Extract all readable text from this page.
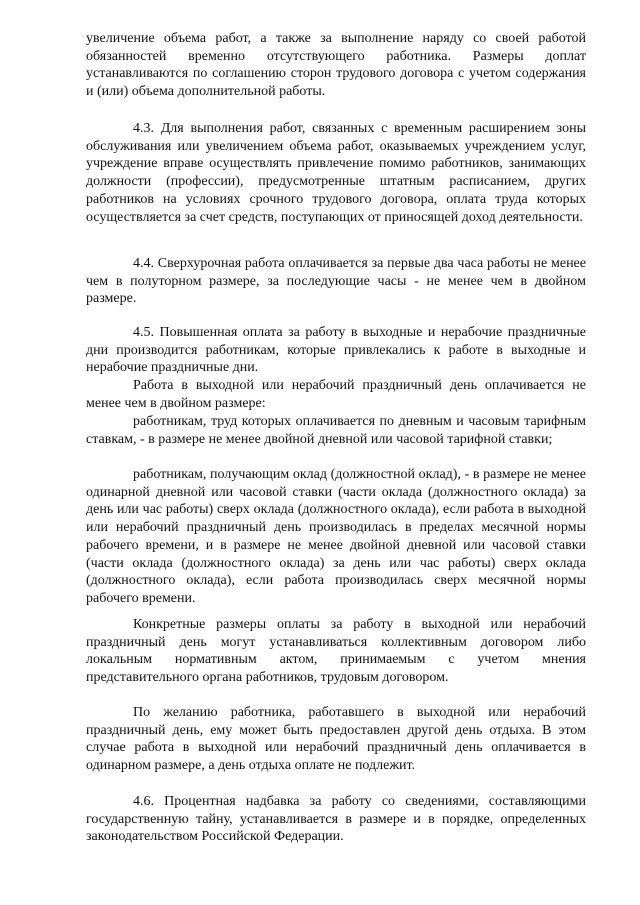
увеличение объема работ, а также за выполнение наряду со своей работой обязанностей временно отсутствующего работника. Размеры доплат устанавливаются по соглашению сторон трудового договора с учетом содержания и (или) объема дополнительной работы.

4.3. Для выполнения работ, связанных с временным расширением зоны обслуживания или увеличением объема работ, оказываемых учреждением услуг, учреждение вправе осуществлять привлечение помимо работников, занимающих должности (профессии), предусмотренные штатным расписанием, других работников на условиях срочного трудового договора, оплата труда которых осуществляется за счет средств, поступающих от приносящей доход деятельности.

4.4. Сверхурочная работа оплачивается за первые два часа работы не менее чем в полуторном размере, за последующие часы - не менее чем в двойном размере.

4.5. Повышенная оплата за работу в выходные и нерабочие праздничные дни производится работникам, которые привлекались к работе в выходные и нерабочие праздничные дни.

Работа в выходной или нерабочий праздничный день оплачивается не менее чем в двойном размере:

работникам, труд которых оплачивается по дневным и часовым тарифным ставкам, - в размере не менее двойной дневной или часовой тарифной ставки;

работникам, получающим оклад (должностной оклад), - в размере не менее одинарной дневной или часовой ставки (части оклада (должностного оклада) за день или час работы) сверх оклада (должностного оклада), если работа в выходной или нерабочий праздничный день производилась в пределах месячной нормы рабочего времени, и в размере не менее двойной дневной или часовой ставки (части оклада (должностного оклада) за день или час работы) сверх оклада (должностного оклада), если работа производилась сверх месячной нормы рабочего времени.

Конкретные размеры оплаты за работу в выходной или нерабочий праздничный день могут устанавливаться коллективным договором либо локальным нормативным актом, принимаемым с учетом мнения представительного органа работников, трудовым договором.

По желанию работника, работавшего в выходной или нерабочий праздничный день, ему может быть предоставлен другой день отдыха. В этом случае работа в выходной или нерабочий праздничный день оплачивается в одинарном размере, а день отдыха оплате не подлежит.

4.6. Процентная надбавка за работу со сведениями, составляющими государственную тайну, устанавливается в размере и в порядке, определенных законодательством Российской Федерации.
